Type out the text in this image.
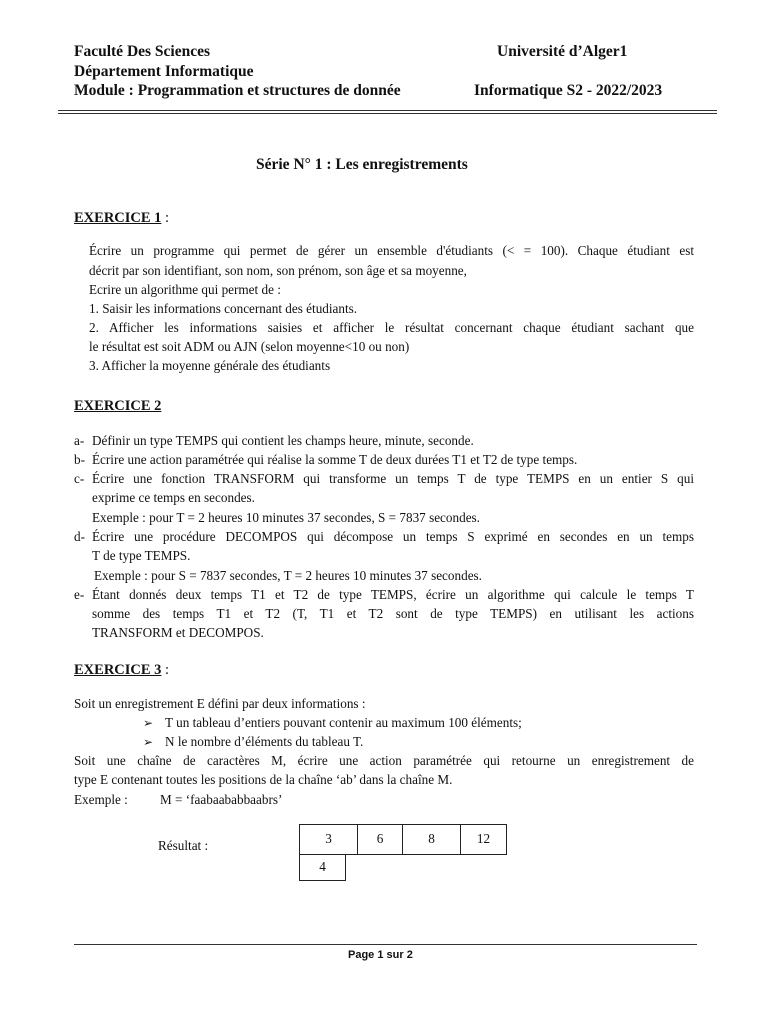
Faculté Des Sciences	Université d’Alger1
Département Informatique
Module : Programmation et structures de donnée	Informatique S2 - 2022/2023
Série N° 1 : Les enregistrements
EXERCICE 1 :
Écrire un programme qui permet de gérer un ensemble d'étudiants (< = 100). Chaque étudiant est
décrit par son identifiant, son nom, son prénom, son âge et sa moyenne,
Ecrire un algorithme qui permet de :
1. Saisir les informations concernant des étudiants.
2. Afficher les informations saisies et afficher le résultat concernant chaque étudiant sachant que
le résultat est soit ADM ou AJN (selon moyenne<10 ou non)
3. Afficher la moyenne générale des étudiants
EXERCICE 2
a- Définir un type TEMPS qui contient les champs heure, minute, seconde.
b- Écrire une action paramétrée qui réalise la somme T de deux durées T1 et T2 de type temps.
c- Écrire une fonction TRANSFORM qui transforme un temps T de type TEMPS en un entier S qui
exprime ce temps en secondes.
Exemple : pour T = 2 heures 10 minutes 37 secondes, S = 7837 secondes.
d- Écrire une procédure DECOMPOS qui décompose un temps S exprimé en secondes en un temps
T de type TEMPS.
Exemple : pour S = 7837 secondes, T = 2 heures 10 minutes 37 secondes.
e- Étant donnés deux temps T1 et T2 de type TEMPS, écrire un algorithme qui calcule le temps T
somme des temps T1 et T2 (T, T1 et T2 sont de type TEMPS) en utilisant les actions
TRANSFORM et DECOMPOS.
EXERCICE 3 :
Soit un enregistrement E défini par deux informations :
➢ T un tableau d’entiers pouvant contenir au maximum 100 éléments;
➢ N le nombre d’éléments du tableau T.
Soit une chaîne de caractères M, écrire une action paramétrée qui retourne un enregistrement de
type E contenant toutes les positions de la chaîne ‘ab’ dans la chaîne M.
Exemple : M = ‘faabaababbaabrs’
Résultat :	3	6	8	12
4
Page 1 sur 2
